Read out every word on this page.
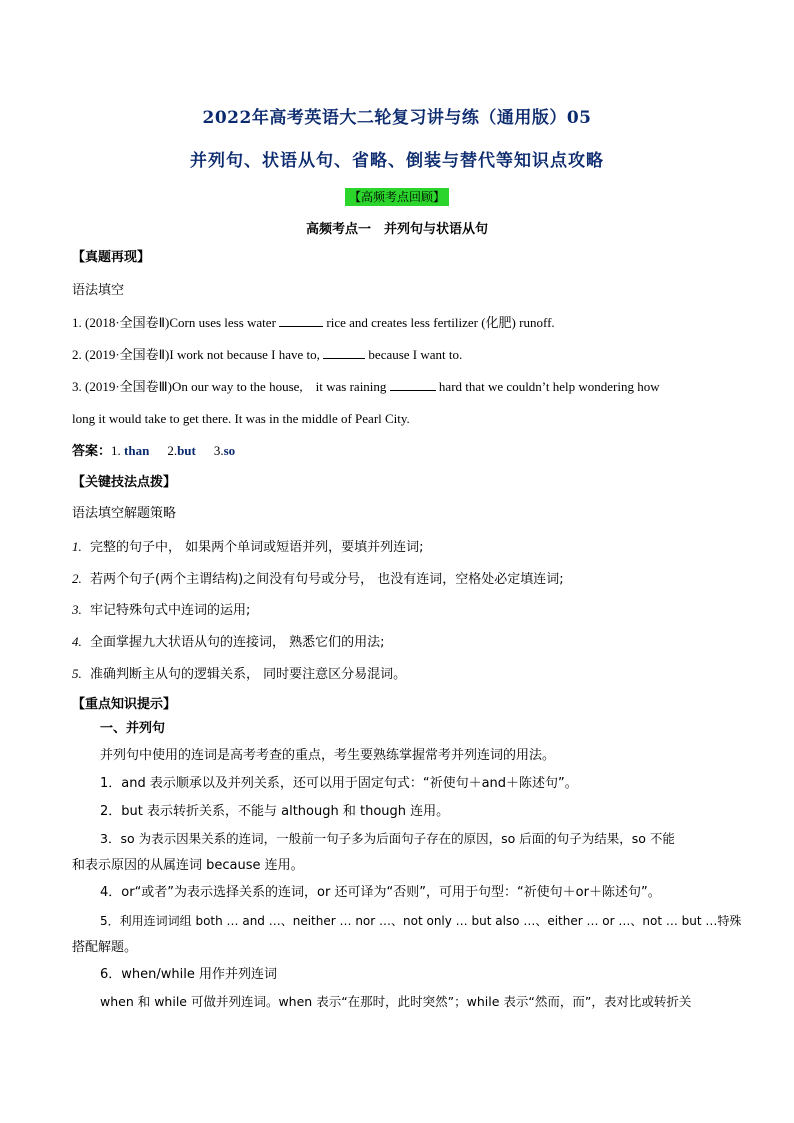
2022年高考英语大二轮复习讲与练（通用版）05
并列句、状语从句、省略、倒装与替代等知识点攻略
【高频考点回顾】
高频考点一　并列句与状语从句
【真题再现】
语法填空
1. (2018·全国卷Ⅱ)Corn uses less water	rice and creates less fertilizer (化肥) runoff.
2. (2019·全国卷Ⅱ)I work not because I have to,	because I want to.
3. (2019·全国卷Ⅲ)On our way to the house,　it was raining	hard that we couldn’t help wondering how
long it would take to get there. It was in the middle of Pearl City.
答案：1. than 2.but 3.so
【关键技法点拨】
语法填空解题策略
1. 完整的句子中， 如果两个单词或短语并列，要填并列连词;
2. 若两个句子(两个主谓结构)之间没有句号或分号， 也没有连词，空格处必定填连词;
3. 牢记特殊句式中连词的运用;
4. 全面掌握九大状语从句的连接词， 熟悉它们的用法;
5. 准确判断主从句的逻辑关系， 同时要注意区分易混词。
【重点知识提示】
一、并列句
并列句中使用的连词是高考考查的重点，考生要熟练掌握常考并列连词的用法。
1．and 表示顺承以及并列关系，还可以用于固定句式：“祈使句＋and＋陈述句”。
2．but 表示转折关系，不能与 although 和 though 连用。
3．so 为表示因果关系的连词，一般前一句子多为后面句子存在的原因，so 后面的句子为结果，so 不能
和表示原因的从属连词 because 连用。
4．or“或者”为表示选择关系的连词，or 还可译为“否则”，可用于句型：“祈使句＋or＋陈述句”。
5．利用连词词组 both … and …、neither … nor …、not only … but also …、either … or …、not … but …特殊
搭配解题。
6．when/while 用作并列连词
when 和 while 可做并列连词。when 表示“在那时，此时突然”；while 表示“然而，而”，表对比或转折关
